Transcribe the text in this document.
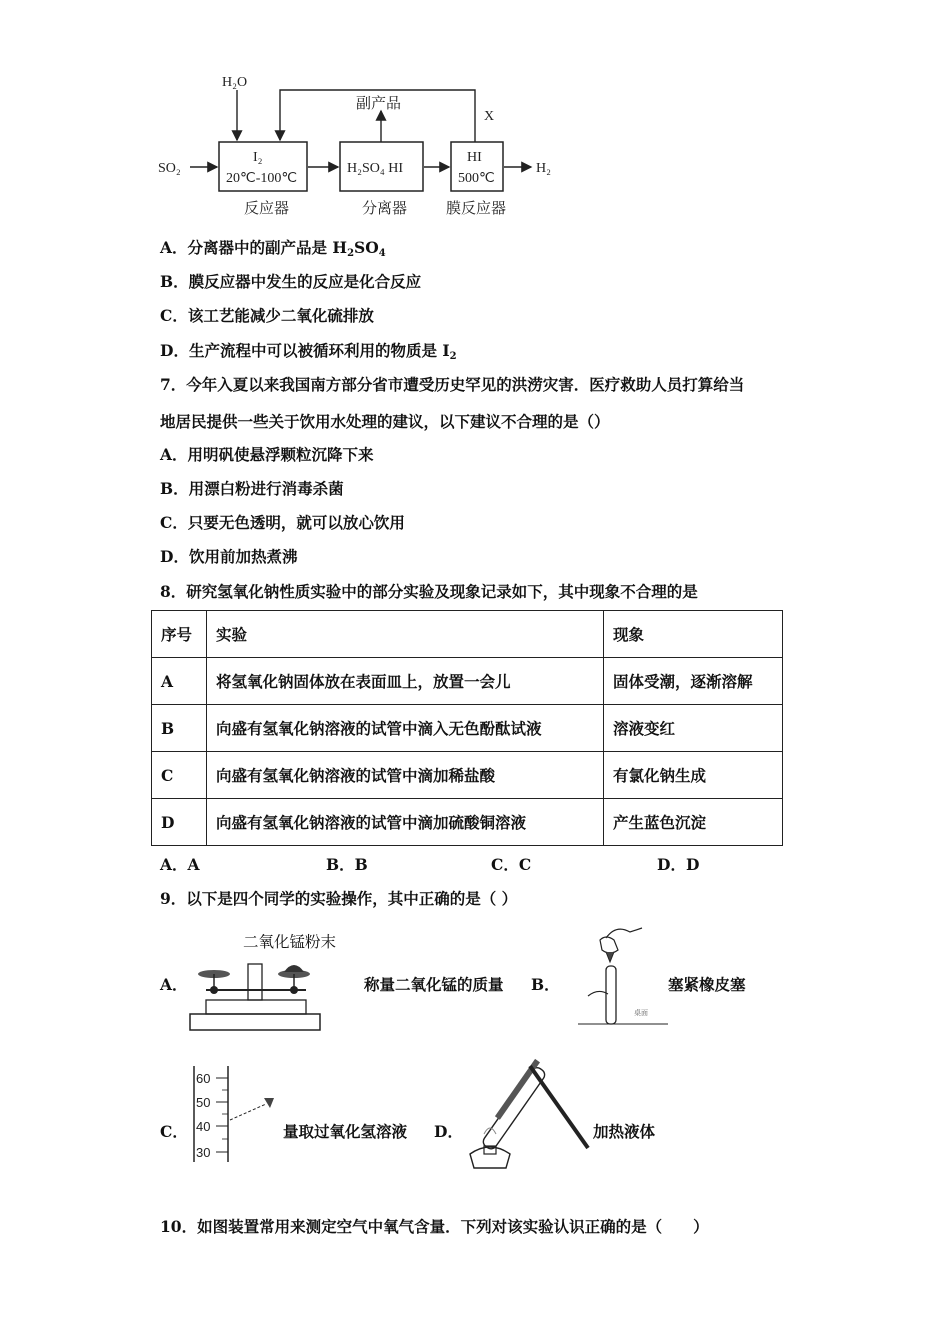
H₂O
SO₂
副产品
X
H₂
I₂
20℃-100℃
H₂SO₄ HI
HI
500℃
反应器	分离器	膜反应器
A．分离器中的副产品是 $H_2SO_4$
B．膜反应器中发生的反应是化合反应
C．该工艺能减少二氧化硫排放
D．生产流程中可以被循环利用的物质是 $I_2$
7．今年入夏以来我国南方部分省市遭受历史罕见的洪涝灾害．医疗救助人员打算给当
地居民提供一些关于饮用水处理的建议，以下建议不合理的是（）
A．用明矾使悬浮颗粒沉降下来
B．用漂白粉进行消毒杀菌
C．只要无色透明，就可以放心饮用
D．饮用前加热煮沸
8．研究氢氧化钠性质实验中的部分实验及现象记录如下，其中现象不合理的是
序号	实验	现象
A	将氢氧化钠固体放在表面皿上，放置一会儿	固体受潮，逐渐溶解
B	向盛有氢氧化钠溶液的试管中滴入无色酚酞试液	溶液变红
C	向盛有氢氧化钠溶液的试管中滴加稀盐酸	有氯化钠生成
D	向盛有氢氧化钠溶液的试管中滴加硫酸铜溶液	产生蓝色沉淀
A．A	B．B	C．C	D．D
9．以下是四个同学的实验操作，其中正确的是（ ）
A．
二氧化锰粉末
称量二氧化锰的质量 B．
桌面
塞紧橡皮塞
C．
60
50
40
30
量取过氧化氢溶液 D．	加热液体
10．如图装置常用来测定空气中氧气含量．下列对该实验认识正确的是（　　）
